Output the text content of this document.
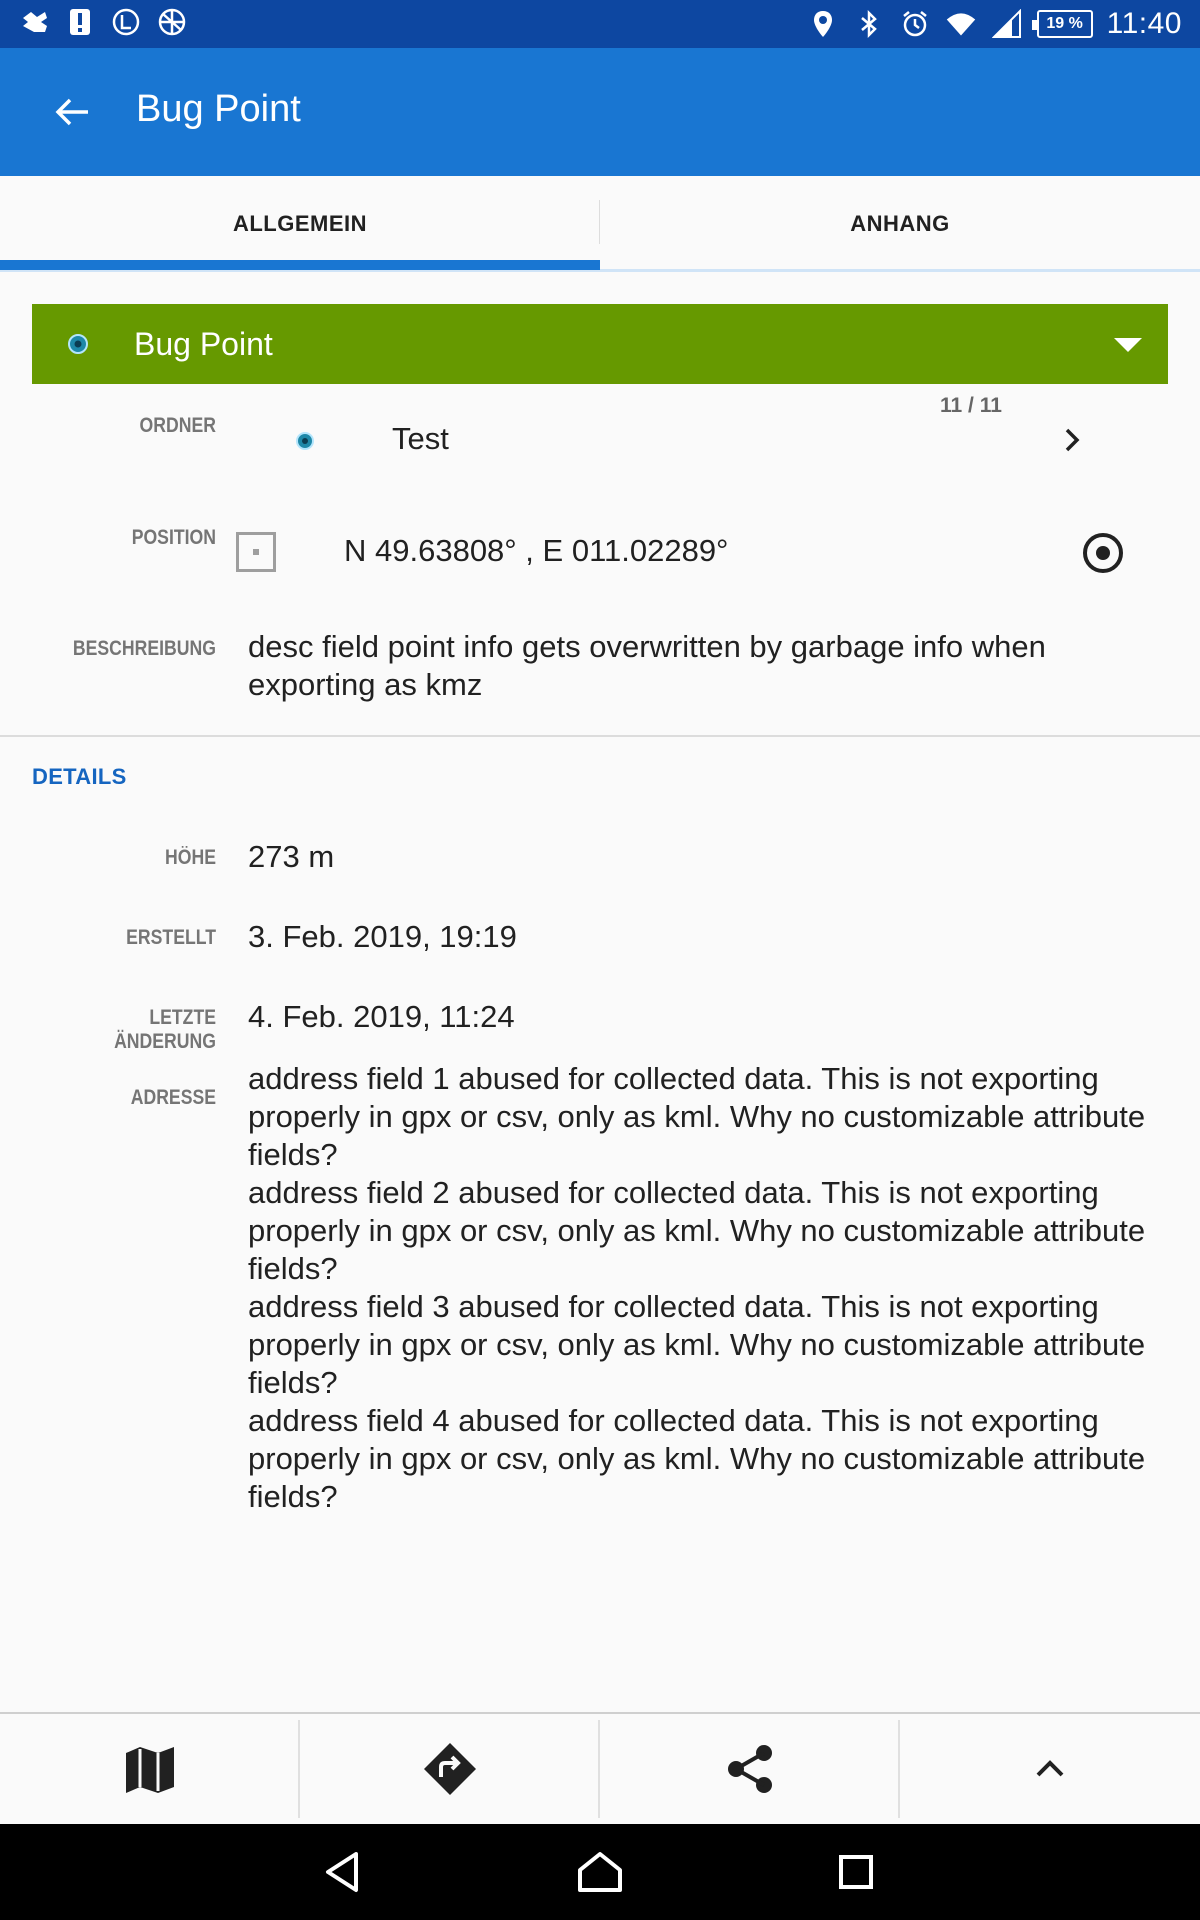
19 % 11:40
Bug Point
ALLGEMEIN	ANHANG
Bug Point
ORDNER
11 / 11
Test
POSITION	N 49.63808° , E 011.02289°
BESCHREIBUNG desc field point info gets overwritten by garbage info when exporting as kmz
DETAILS
HÖHE 273 m
ERSTELLT 3. Feb. 2019, 19:19
LETZTE ÄNDERUNG
4. Feb. 2019, 11:24
ADRESSE

address field 1 abused for collected data. This is not exporting properly in gpx or csv, only as kml. Why no customizable attribute fields?

address field 2 abused for collected data. This is not exporting properly in gpx or csv, only as kml. Why no customizable attribute fields?

address field 3 abused for collected data. This is not exporting properly in gpx or csv, only as kml. Why no customizable attribute fields?

address field 4 abused for collected data. This is not exporting properly in gpx or csv, only as kml. Why no customizable attribute fields?
